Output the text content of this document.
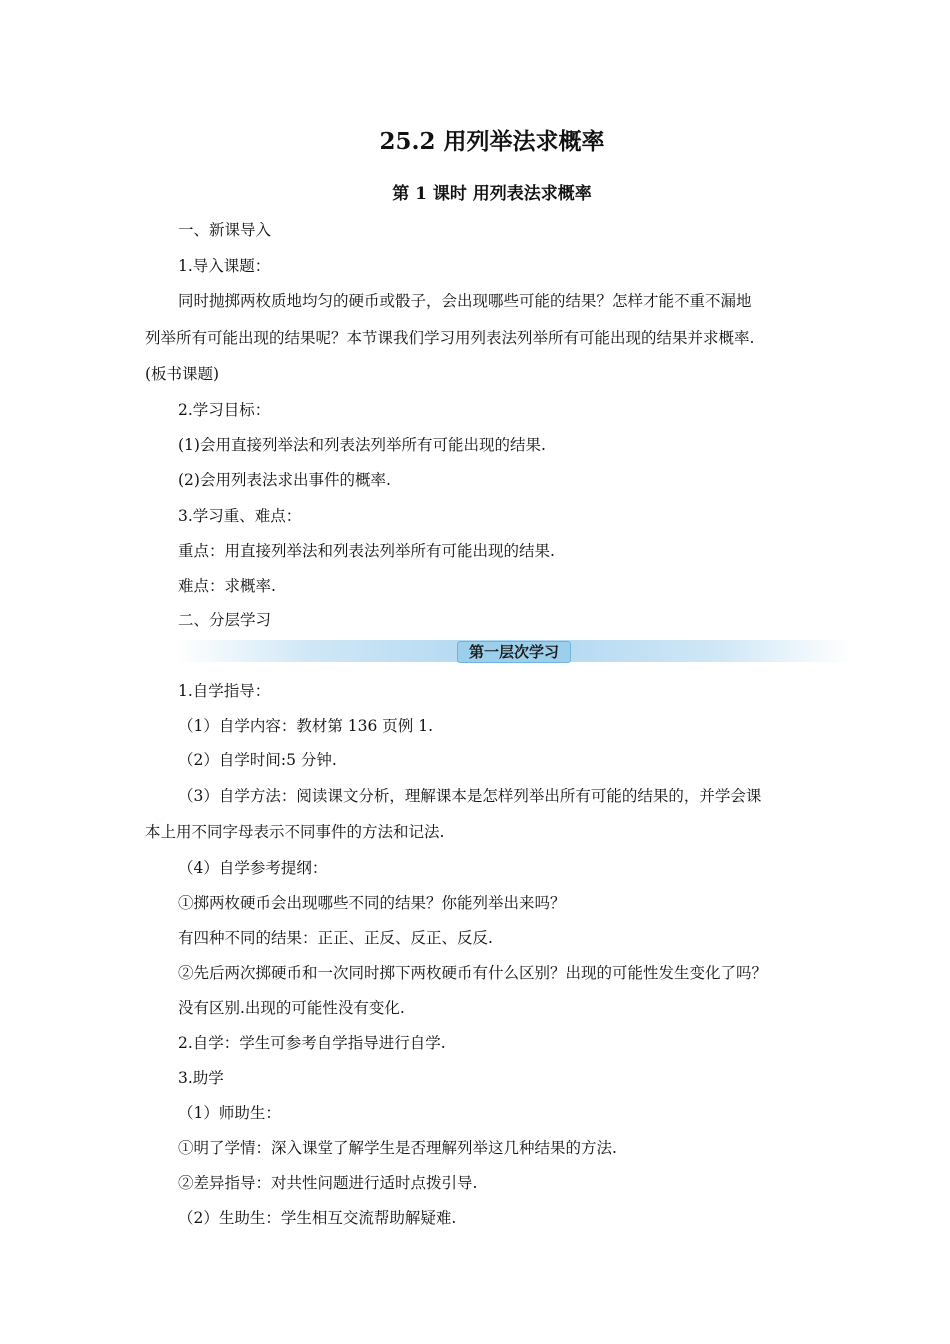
25.2 用列举法求概率
第 1 课时 用列表法求概率
一、新课导入
1.导入课题：
同时抛掷两枚质地均匀的硬币或骰子，会出现哪些可能的结果？怎样才能不重不漏地
列举所有可能出现的结果呢？本节课我们学习用列表法列举所有可能出现的结果并求概率.
(板书课题)
2.学习目标：
(1)会用直接列举法和列表法列举所有可能出现的结果.
(2)会用列表法求出事件的概率.
3.学习重、难点：
重点：用直接列举法和列表法列举所有可能出现的结果.
难点：求概率.
二、分层学习
第一层次学习
1.自学指导：
（1）自学内容：教材第 136 页例 1.
（2）自学时间:5 分钟.
（3）自学方法：阅读课文分析，理解课本是怎样列举出所有可能的结果的，并学会课
本上用不同字母表示不同事件的方法和记法.
（4）自学参考提纲：
①掷两枚硬币会出现哪些不同的结果？你能列举出来吗？
有四种不同的结果：正正、正反、反正、反反.
②先后两次掷硬币和一次同时掷下两枚硬币有什么区别？出现的可能性发生变化了吗？
没有区别.出现的可能性没有变化.
2.自学：学生可参考自学指导进行自学.
3.助学
（1）师助生：
①明了学情：深入课堂了解学生是否理解列举这几种结果的方法.
②差异指导：对共性问题进行适时点拨引导.
（2）生助生：学生相互交流帮助解疑难.
